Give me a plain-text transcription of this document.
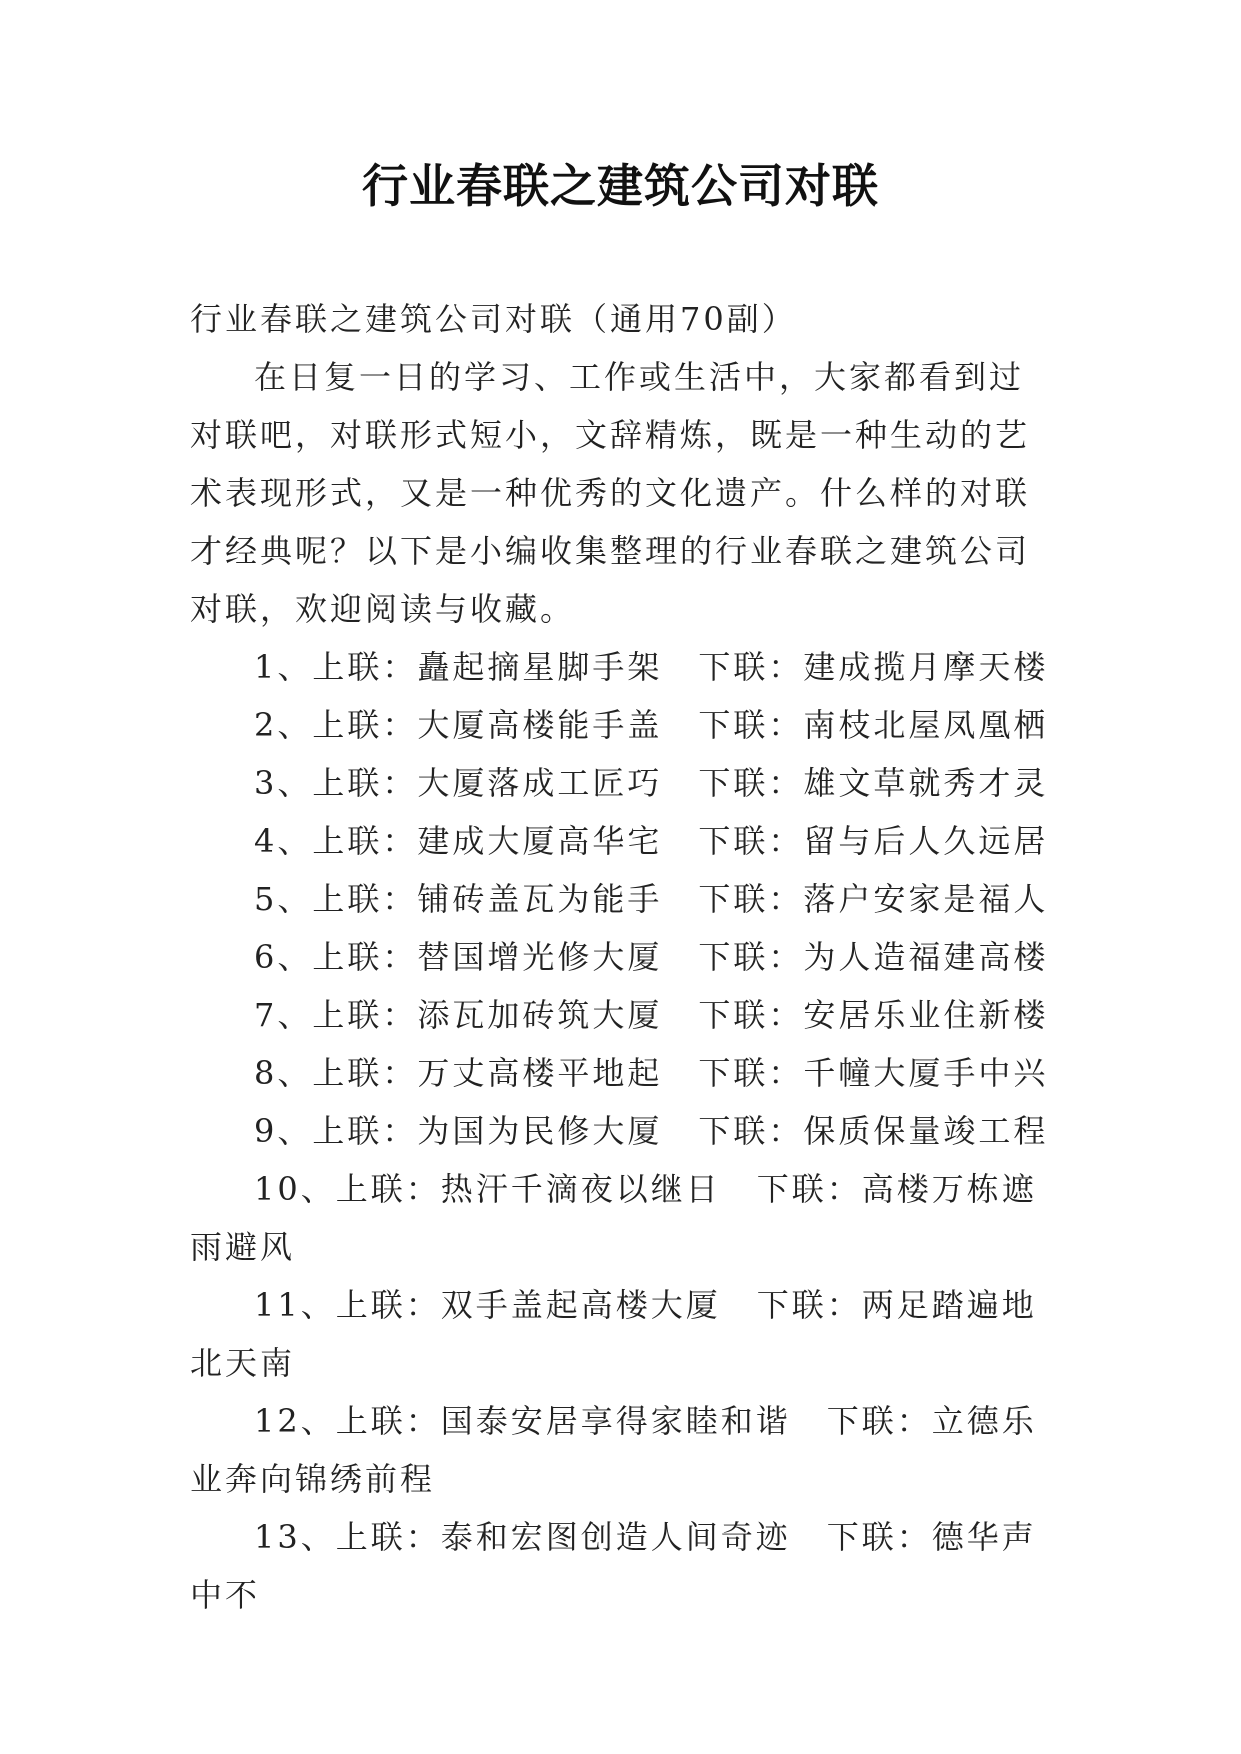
行业春联之建筑公司对联

行业春联之建筑公司对联（通用70副）

在日复一日的学习、工作或生活中，大家都看到过对联吧，对联形式短小，文辞精炼，既是一种生动的艺术表现形式，又是一种优秀的文化遗产。什么样的对联才经典呢？以下是小编收集整理的行业春联之建筑公司对联，欢迎阅读与收藏。

1、上联：矗起摘星脚手架 下联：建成揽月摩天楼

2、上联：大厦高楼能手盖 下联：南枝北屋凤凰栖

3、上联：大厦落成工匠巧 下联：雄文草就秀才灵

4、上联：建成大厦高华宅 下联：留与后人久远居

5、上联：铺砖盖瓦为能手 下联：落户安家是福人

6、上联：替国增光修大厦 下联：为人造福建高楼

7、上联：添瓦加砖筑大厦 下联：安居乐业住新楼

8、上联：万丈高楼平地起 下联：千幢大厦手中兴

9、上联：为国为民修大厦 下联：保质保量竣工程

10、上联：热汗千滴夜以继日 下联：高楼万栋遮雨避风

11、上联：双手盖起高楼大厦 下联：两足踏遍地北天南

12、上联：国泰安居享得家睦和谐 下联：立德乐业奔向锦绣前程

13、上联：泰和宏图创造人间奇迹 下联：德华声中不
